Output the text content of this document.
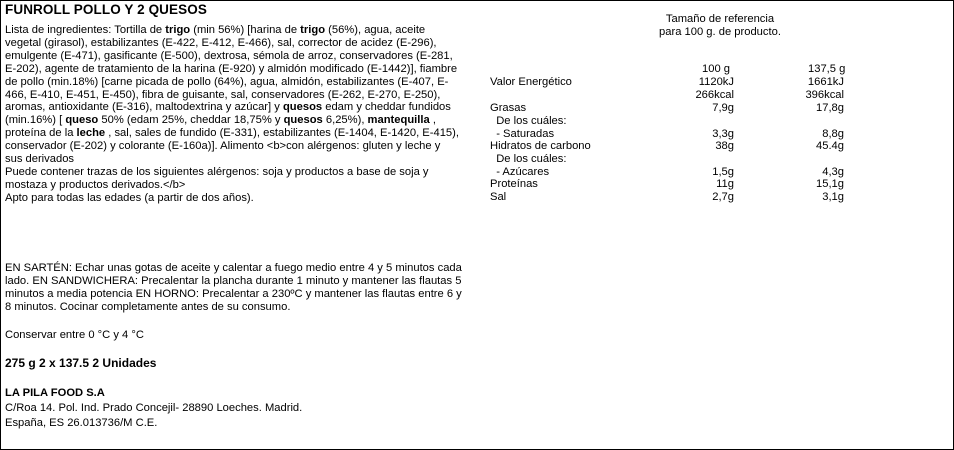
FUNROLL POLLO Y 2 QUESOS

Lista de ingredientes: Tortilla de trigo (min 56%) [harina de trigo (56%), agua, aceite vegetal (girasol), estabilizantes (E-422, E-412, E-466), sal, corrector de acidez (E-296), emulgente (E-471), gasificante (E-500), dextrosa, sémola de arroz, conservadores (E-281, E-202), agente de tratamiento de la harina (E-920) y almidón modificado (E-1442)], fiambre de pollo (min.18%) [carne picada de pollo (64%), agua, almidón, estabilizantes (E-407, E-466, E-410, E-451, E-450), fibra de guisante, sal, conservadores (E-262, E-270, E-250), aromas, antioxidante (E-316), maltodextrina y azúcar] y quesos edam y cheddar fundidos (min.16%) [ queso 50% (edam 25%, cheddar 18,75% y quesos 6,25%), mantequilla , proteína de la leche , sal, sales de fundido (E-331), estabilizantes (E-1404, E-1420, E-415), conservador (E-202) y colorante (E-160a)]. Alimento <b>con alérgenos: gluten y leche y sus derivados

Puede contener trazas de los siguientes alérgenos: soja y productos a base de soja y mostaza y productos derivados.</b>

Apto para todas las edades (a partir de dos años).

Tamaño de referencia
para 100 g. de producto.
100 g	137,5 g
Valor Energético	1120kJ	1661kJ
266kcal	396kcal
Grasas	7,9g	17,8g
De los cuáles:
- Saturadas	3,3g	8,8g
Hidratos de carbono	38g	45.4g
De los cuáles:
- Azúcares	1,5g	4,3g
Proteínas	11g	15,1g
Sal	2,7g	3,1g
EN SARTÉN: Echar unas gotas de aceite y calentar a fuego medio entre 4 y 5 minutos cada lado. EN SANDWICHERA: Precalentar la plancha durante 1 minuto y mantener las flautas 5 minutos a media potencia EN HORNO: Precalentar a 230ºC y mantener las flautas entre 6 y 8 minutos. Cocinar completamente antes de su consumo.
Conservar entre 0 °C y 4 °C
275 g 2 x 137.5 2 Unidades
LA PILA FOOD S.A
C/Roa 14. Pol. Ind. Prado Concejil- 28890 Loeches. Madrid.
España, ES 26.013736/M C.E.
